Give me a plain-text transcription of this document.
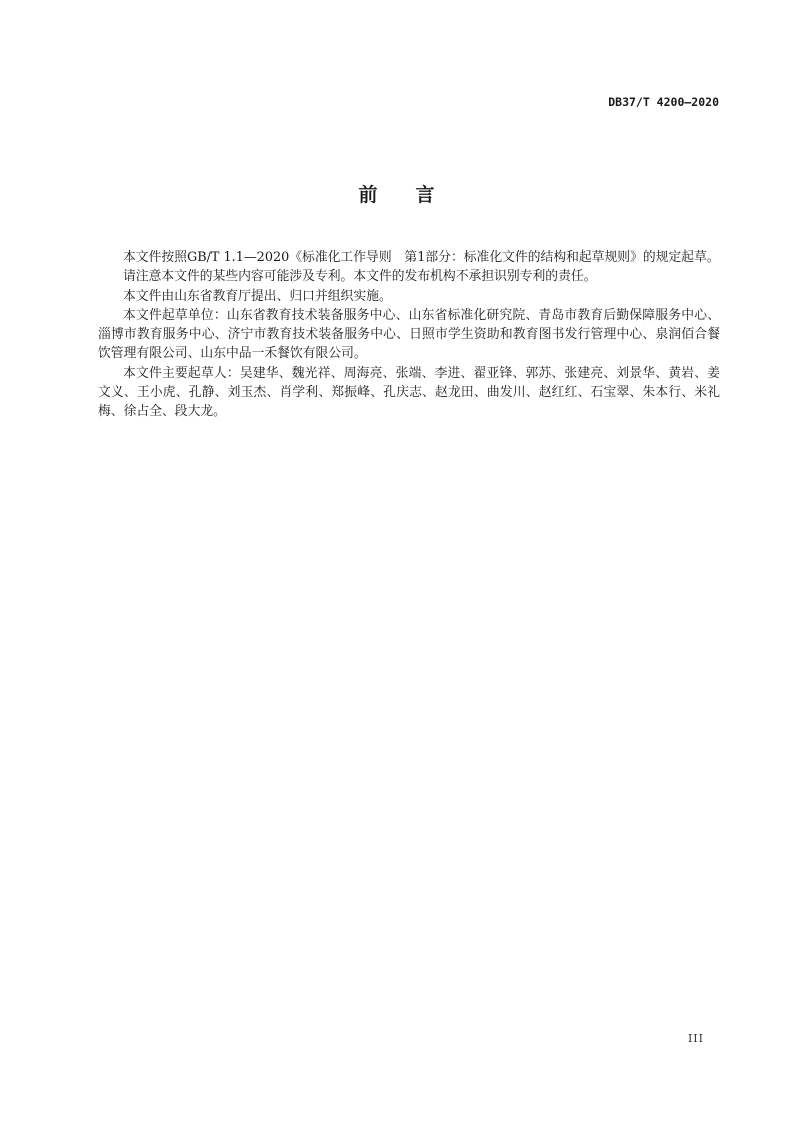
DB37/T 4200—2020
前 言

本文件按照GB/T 1.1—2020《标准化工作导则　第1部分：标准化文件的结构和起草规则》的规定起草。

请注意本文件的某些内容可能涉及专利。本文件的发布机构不承担识别专利的责任。

本文件由山东省教育厅提出、归口并组织实施。

本文件起草单位：山东省教育技术装备服务中心、山东省标准化研究院、青岛市教育后勤保障服务中心、淄博市教育服务中心、济宁市教育技术装备服务中心、日照市学生资助和教育图书发行管理中心、泉润佰合餐饮管理有限公司、山东中品一禾餐饮有限公司。

本文件主要起草人：吴建华、魏光祥、周海亮、张端、李进、翟亚锋、郭苏、张建亮、刘景华、黄岩、姜文义、王小虎、孔静、刘玉杰、肖学利、郑振峰、孔庆志、赵龙田、曲发川、赵红红、石宝翠、朱本行、米礼梅、徐占全、段大龙。

III
